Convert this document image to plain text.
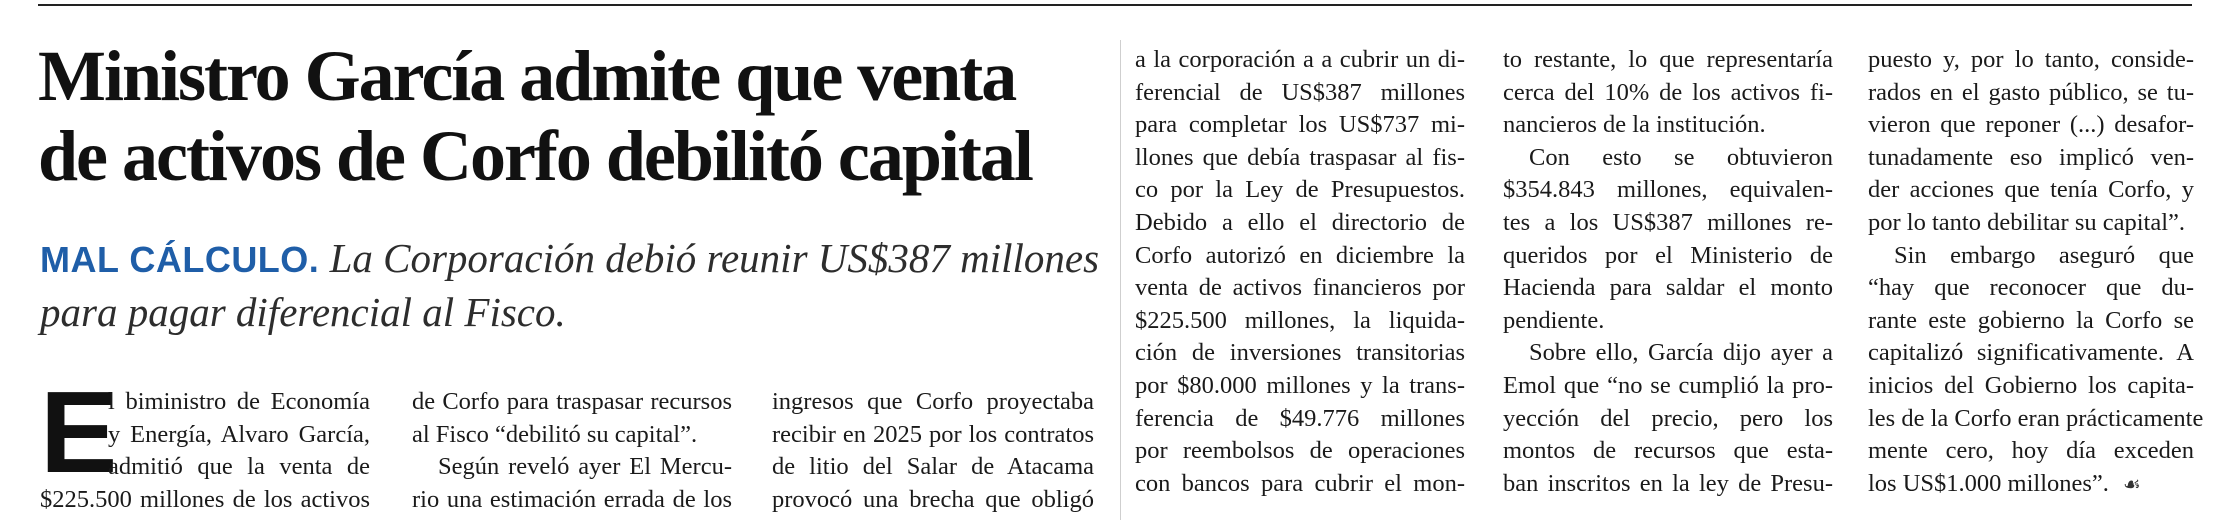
Ministro García admite que venta
de activos de Corfo debilitó capital
MAL CÁLCULO. La Corporación debió reunir US$387 millones
para pagar diferencial al Fisco.
E
l biministro de Economía
y Energía, Alvaro García,
admitió que la venta de
$225.500 millones de los activos
de Corfo para traspasar recursos
al Fisco “debilitó su capital”.
Según reveló ayer El Mercu-
rio una estimación errada de los
ingresos que Corfo proyectaba
recibir en 2025 por los contratos
de litio del Salar de Atacama
provocó una brecha que obligó
a la corporación a a cubrir un di-
ferencial de US$387 millones
para completar los US$737 mi-
llones que debía traspasar al fis-
co por la Ley de Presupuestos.
Debido a ello el directorio de
Corfo autorizó en diciembre la
venta de activos financieros por
$225.500 millones, la liquida-
ción de inversiones transitorias
por $80.000 millones y la trans-
ferencia de $49.776 millones
por reembolsos de operaciones
con bancos para cubrir el mon-
to restante, lo que representaría
cerca del 10% de los activos fi-
nancieros de la institución.
Con esto se obtuvieron
$354.843 millones, equivalen-
tes a los US$387 millones re-
queridos por el Ministerio de
Hacienda para saldar el monto
pendiente.
Sobre ello, García dijo ayer a
Emol que “no se cumplió la pro-
yección del precio, pero los
montos de recursos que esta-
ban inscritos en la ley de Presu-
puesto y, por lo tanto, conside-
rados en el gasto público, se tu-
vieron que reponer (...) desafor-
tunadamente eso implicó ven-
der acciones que tenía Corfo, y
por lo tanto debilitar su capital”.
Sin embargo aseguró que
“hay que reconocer que du-
rante este gobierno la Corfo se
capitalizó significativamente. A
inicios del Gobierno los capita-
les de la Corfo eran prácticamente
mente cero, hoy día exceden
los US$1.000 millones”. ☙
